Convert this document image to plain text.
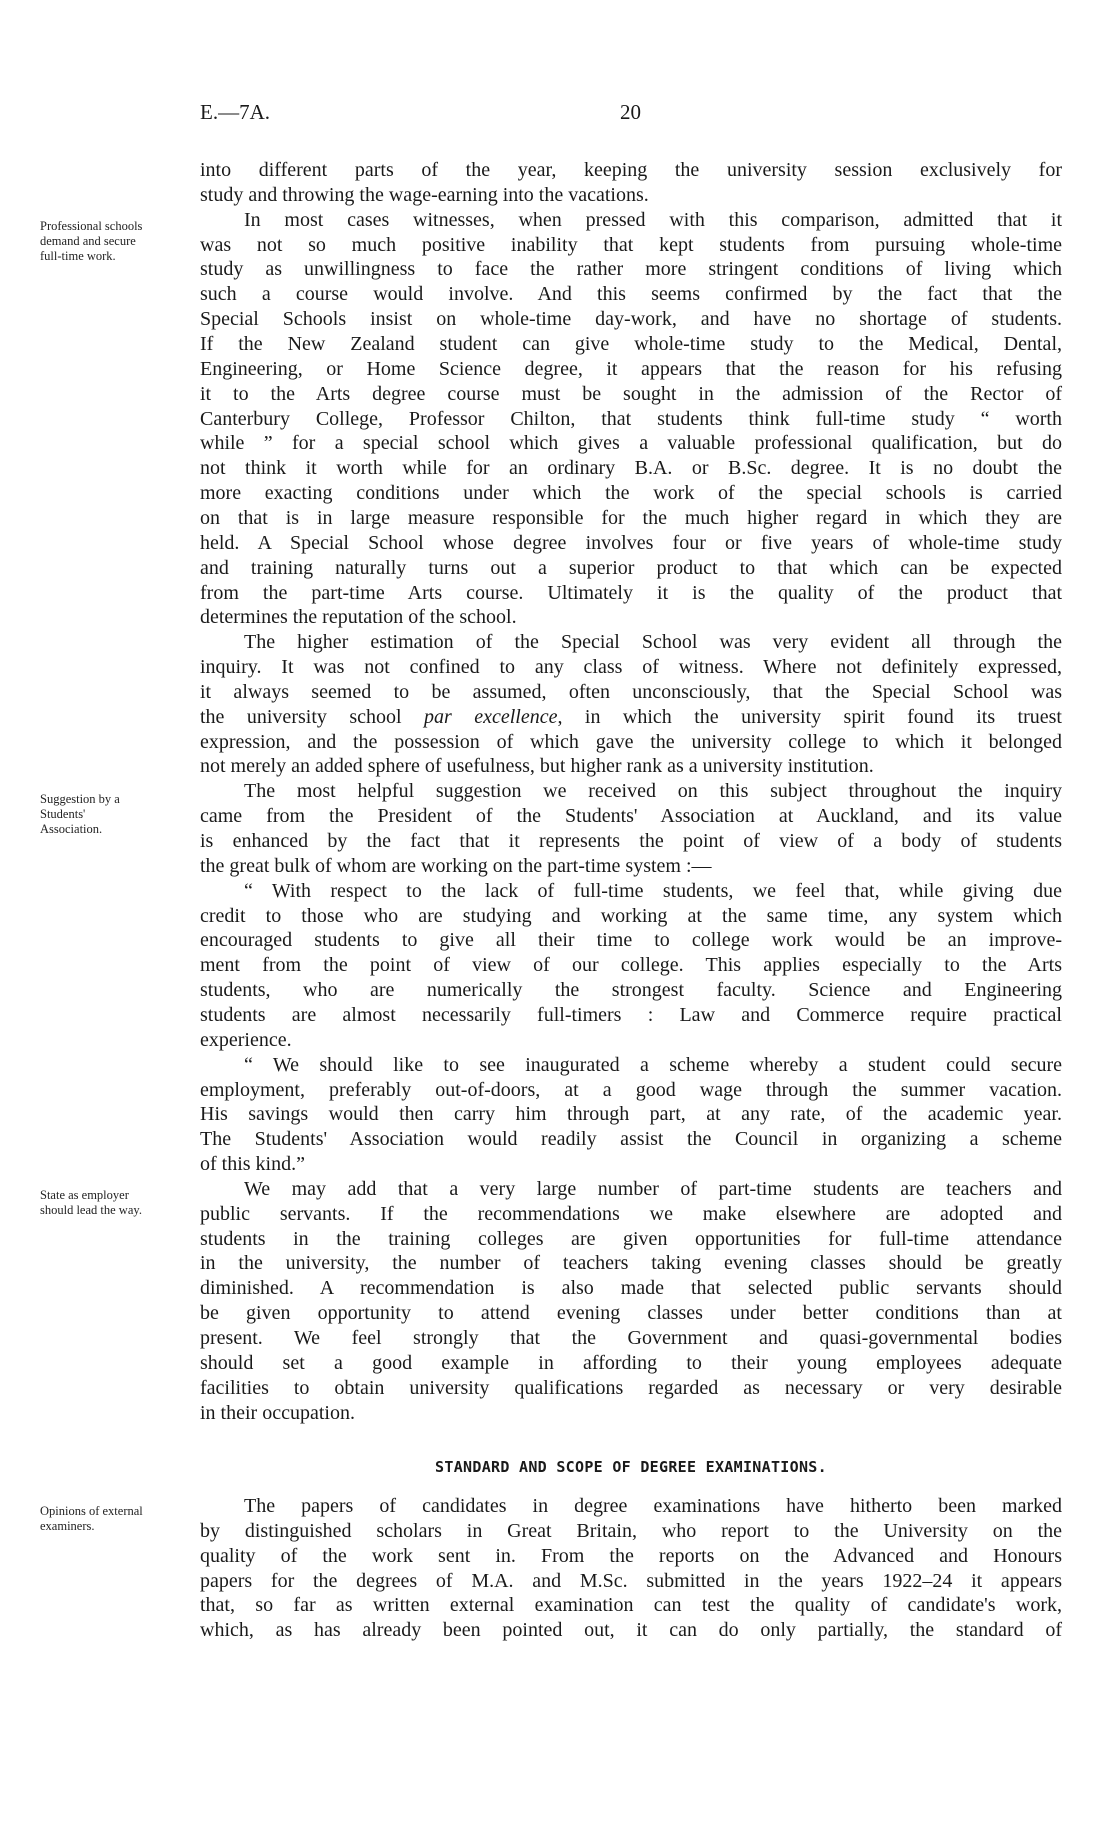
E.—7A.	20
STANDARD AND SCOPE OF DEGREE EXAMINATIONS.
into different parts of the year, keeping the university session exclusively for
study and throwing the wage-earning into the vacations.
In most cases witnesses, when pressed with this comparison, admitted that it
was not so much positive inability that kept students from pursuing whole-time
study as unwillingness to face the rather more stringent conditions of living which
such a course would involve. And this seems confirmed by the fact that the
Special Schools insist on whole-time day-work, and have no shortage of students.
If the New Zealand student can give whole-time study to the Medical, Dental,
Engineering, or Home Science degree, it appears that the reason for his refusing
it to the Arts degree course must be sought in the admission of the Rector of
Canterbury College, Professor Chilton, that students think full-time study “ worth
while ” for a special school which gives a valuable professional qualification, but do
not think it worth while for an ordinary B.A. or B.Sc. degree. It is no doubt the
more exacting conditions under which the work of the special schools is carried
on that is in large measure responsible for the much higher regard in which they are
held. A Special School whose degree involves four or five years of whole-time study
and training naturally turns out a superior product to that which can be expected
from the part-time Arts course. Ultimately it is the quality of the product that
determines the reputation of the school.
The higher estimation of the Special School was very evident all through the
inquiry. It was not confined to any class of witness. Where not definitely expressed,
it always seemed to be assumed, often unconsciously, that the Special School was
the university school par excellence, in which the university spirit found its truest
expression, and the possession of which gave the university college to which it belonged
not merely an added sphere of usefulness, but higher rank as a university institution.
The most helpful suggestion we received on this subject throughout the inquiry
came from the President of the Students' Association at Auckland, and its value
is enhanced by the fact that it represents the point of view of a body of students
the great bulk of whom are working on the part-time system :—
“ With respect to the lack of full-time students, we feel that, while giving due
credit to those who are studying and working at the same time, any system which
encouraged students to give all their time to college work would be an improve-
ment from the point of view of our college. This applies especially to the Arts
students, who are numerically the strongest faculty. Science and Engineering
students are almost necessarily full-timers : Law and Commerce require practical
experience.
“ We should like to see inaugurated a scheme whereby a student could secure
employment, preferably out-of-doors, at a good wage through the summer vacation.
His savings would then carry him through part, at any rate, of the academic year.
The Students' Association would readily assist the Council in organizing a scheme
of this kind.”
We may add that a very large number of part-time students are teachers and
public servants. If the recommendations we make elsewhere are adopted and
students in the training colleges are given opportunities for full-time attendance
in the university, the number of teachers taking evening classes should be greatly
diminished. A recommendation is also made that selected public servants should
be given opportunity to attend evening classes under better conditions than at
present. We feel strongly that the Government and quasi-governmental bodies
should set a good example in affording to their young employees adequate
facilities to obtain university qualifications regarded as necessary or very desirable
in their occupation.
The papers of candidates in degree examinations have hitherto been marked
by distinguished scholars in Great Britain, who report to the University on the
quality of the work sent in. From the reports on the Advanced and Honours
papers for the degrees of M.A. and M.Sc. submitted in the years 1922–24 it appears
that, so far as written external examination can test the quality of candidate's work,
which, as has already been pointed out, it can do only partially, the standard of
Professional schools
demand and secure
full-time work.
Suggestion by a
Students'
Association.
State as employer
should lead the way.
Opinions of external
examiners.
